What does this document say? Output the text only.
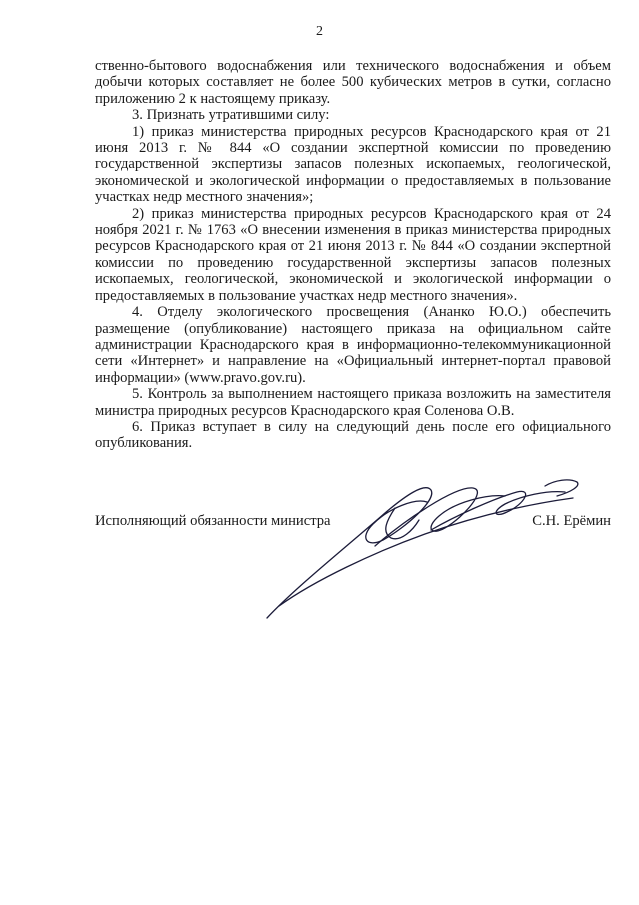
2

ственно-бытового водоснабжения или технического водоснабжения и объем добычи которых составляет не более 500 кубических метров в сутки, согласно приложению 2 к настоящему приказу.

3. Признать утратившими силу:

1) приказ министерства природных ресурсов Краснодарского края от 21 июня 2013 г. № 844 «О создании экспертной комиссии по проведению государственной экспертизы запасов полезных ископаемых, геологической, экономической и экологической информации о предоставляемых в пользование участках недр местного значения»;

2) приказ министерства природных ресурсов Краснодарского края от 24 ноября 2021 г. № 1763 «О внесении изменения в приказ министерства природных ресурсов Краснодарского края от 21 июня 2013 г. № 844 «О создании экспертной комиссии по проведению государственной экспертизы запасов полезных ископаемых, геологической, экономической и экологической информации о предоставляемых в пользование участках недр местного значения».

4. Отделу экологического просвещения (Ананко Ю.О.) обеспечить размещение (опубликование) настоящего приказа на официальном сайте администрации Краснодарского края в информационно-телекоммуникационной сети «Интернет» и направление на «Официальный интернет-портал правовой информации» (www.pravo.gov.ru).

5. Контроль за выполнением настоящего приказа возложить на заместителя министра природных ресурсов Краснодарского края Соленова О.В.

6. Приказ вступает в силу на следующий день после его официального опубликования.

Исполняющий обязанности министра	С.Н. Ерёмин
